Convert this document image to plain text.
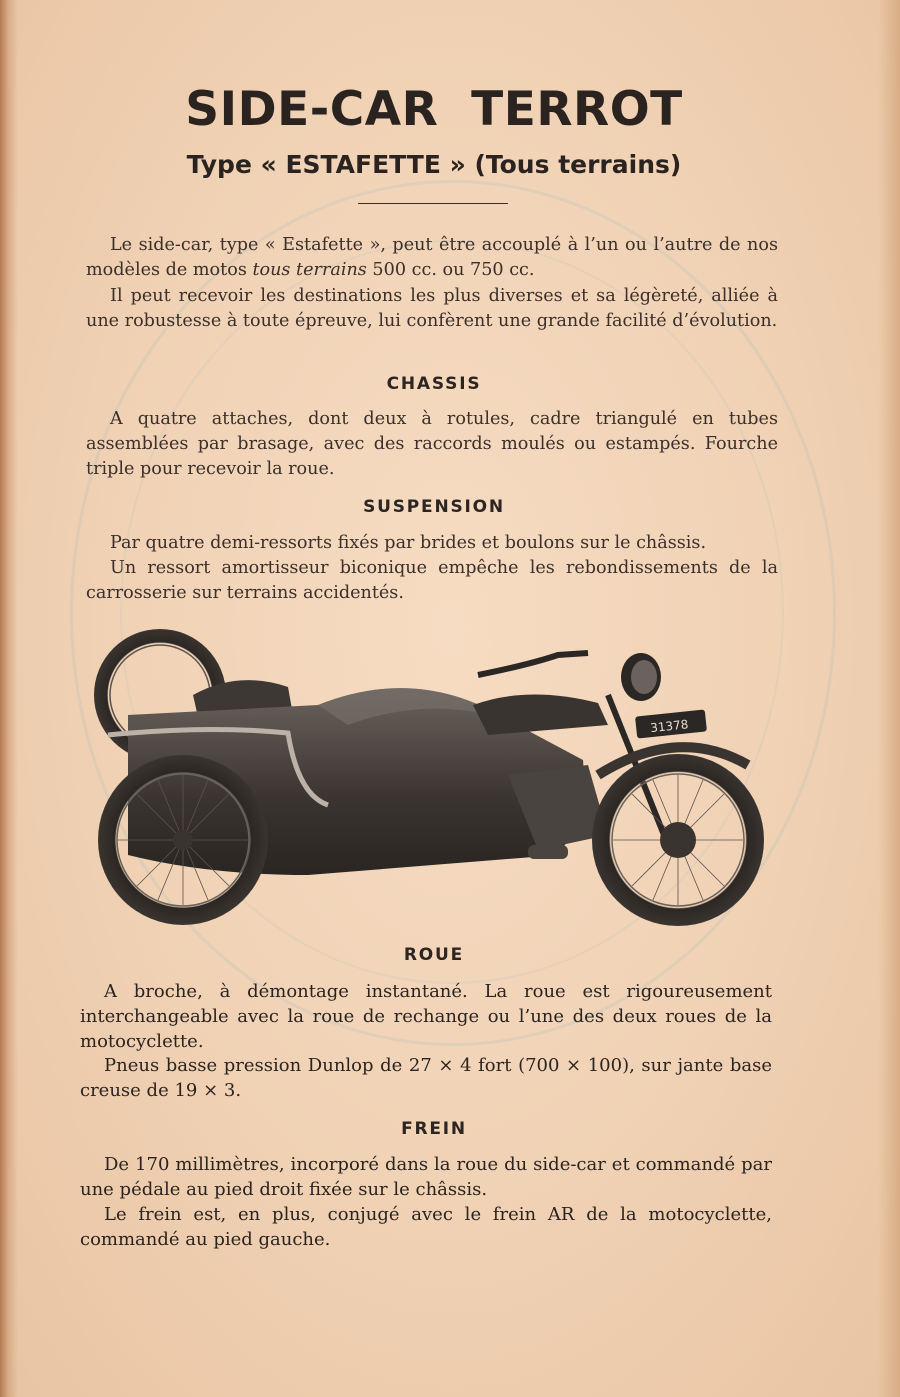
SIDE-CAR TERROT
Type « ESTAFETTE » (Tous terrains)

Le side-car, type « Estafette », peut être accouplé à l’un ou l’autre de nos modèles de motos tous terrains 500 cc. ou 750 cc.

Il peut recevoir les destinations les plus diverses et sa légèreté, alliée à une robustesse à toute épreuve, lui confèrent une grande facilité d’évolution.

CHASSIS

A quatre attaches, dont deux à rotules, cadre triangulé en tubes assemblées par brasage, avec des raccords moulés ou estampés. Fourche triple pour recevoir la roue.

SUSPENSION

Par quatre demi-ressorts fixés par brides et boulons sur le châssis.

Un ressort amortisseur biconique empêche les rebondissements de la carrosserie sur terrains accidentés.

31378
ROUE

A broche, à démontage instantané. La roue est rigoureusement interchangeable avec la roue de rechange ou l’une des deux roues de la motocyclette.

Pneus basse pression Dunlop de 27 × 4 fort (700 × 100), sur jante base creuse de 19 × 3.

FREIN

De 170 millimètres, incorporé dans la roue du side-car et commandé par une pédale au pied droit fixée sur le châssis.

Le frein est, en plus, conjugé avec le frein AR de la motocyclette, commandé au pied gauche.
